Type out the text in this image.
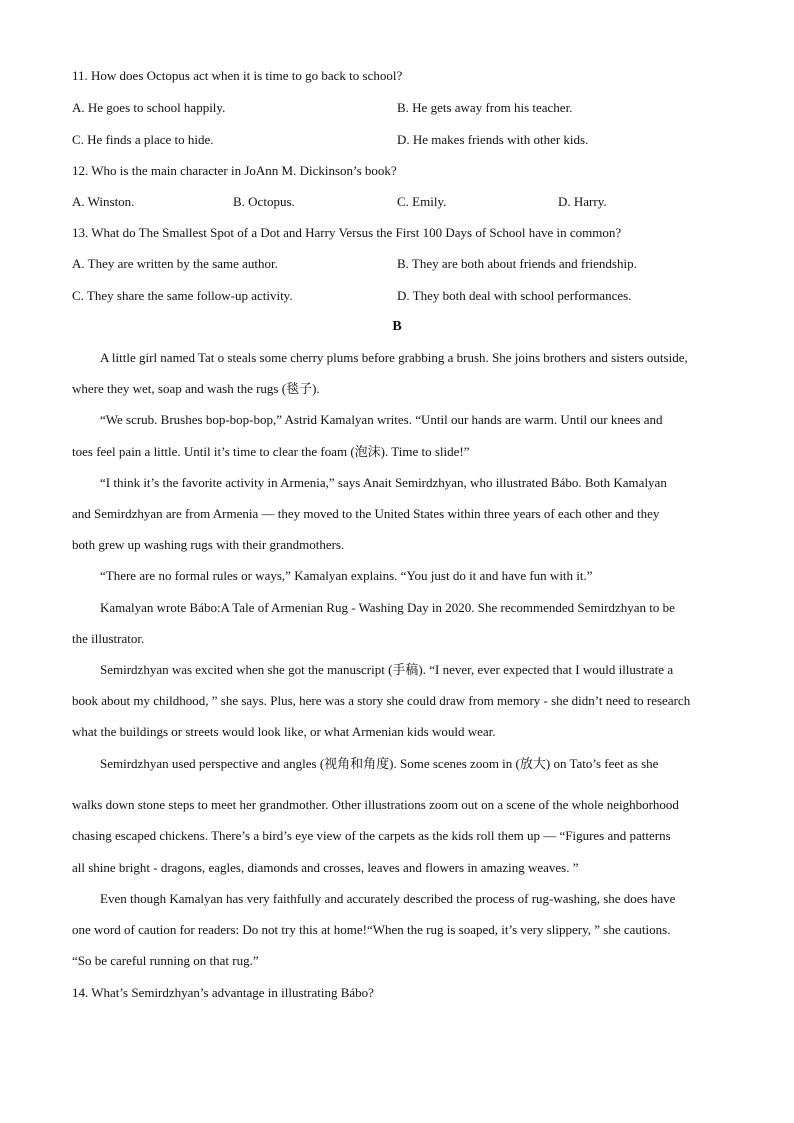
11. How does Octopus act when it is time to go back to school?
A. He goes to school happily.	B. He gets away from his teacher.
C. He finds a place to hide.	D. He makes friends with other kids.
12. Who is the main character in JoAnn M. Dickinson’s book?
A. Winston.	B. Octopus.	C. Emily.	D. Harry.
13. What do The Smallest Spot of a Dot and Harry Versus the First 100 Days of School have in common?
A. They are written by the same author.	B. They are both about friends and friendship.
C. They share the same follow-up activity.	D. They both deal with school performances.
B
A little girl named Tat o steals some cherry plums before grabbing a brush. She joins brothers and sisters outside,
where they wet, soap and wash the rugs (毯子).
“We scrub. Brushes bop-bop-bop,” Astrid Kamalyan writes. “Until our hands are warm. Until our knees and
toes feel pain a little. Until it’s time to clear the foam (泡沫). Time to slide!”
“I think it’s the favorite activity in Armenia,” says Anait Semirdzhyan, who illustrated Bábo. Both Kamalyan
and Semirdzhyan are from Armenia — they moved to the United States within three years of each other and they
both grew up washing rugs with their grandmothers.
“There are no formal rules or ways,” Kamalyan explains. “You just do it and have fun with it.”
Kamalyan wrote Bábo:A Tale of Armenian Rug - Washing Day in 2020. She recommended Semirdzhyan to be
the illustrator.
Semirdzhyan was excited when she got the manuscript (手稿). “I never, ever expected that I would illustrate a
book about my childhood, ” she says. Plus, here was a story she could draw from memory - she didn’t need to research
what the buildings or streets would look like, or what Armenian kids would wear.
Semirdzhyan used perspective and angles (视角和角度). Some scenes zoom in (放大) on Tato’s feet as she
walks down stone steps to meet her grandmother. Other illustrations zoom out on a scene of the whole neighborhood
chasing escaped chickens. There’s a bird’s eye view of the carpets as the kids roll them up — “Figures and patterns
all shine bright - dragons, eagles, diamonds and crosses, leaves and flowers in amazing weaves. ”
Even though Kamalyan has very faithfully and accurately described the process of rug-washing, she does have
one word of caution for readers: Do not try this at home!“When the rug is soaped, it’s very slippery, ” she cautions.
“So be careful running on that rug.”
14. What’s Semirdzhyan’s advantage in illustrating Bábo?
